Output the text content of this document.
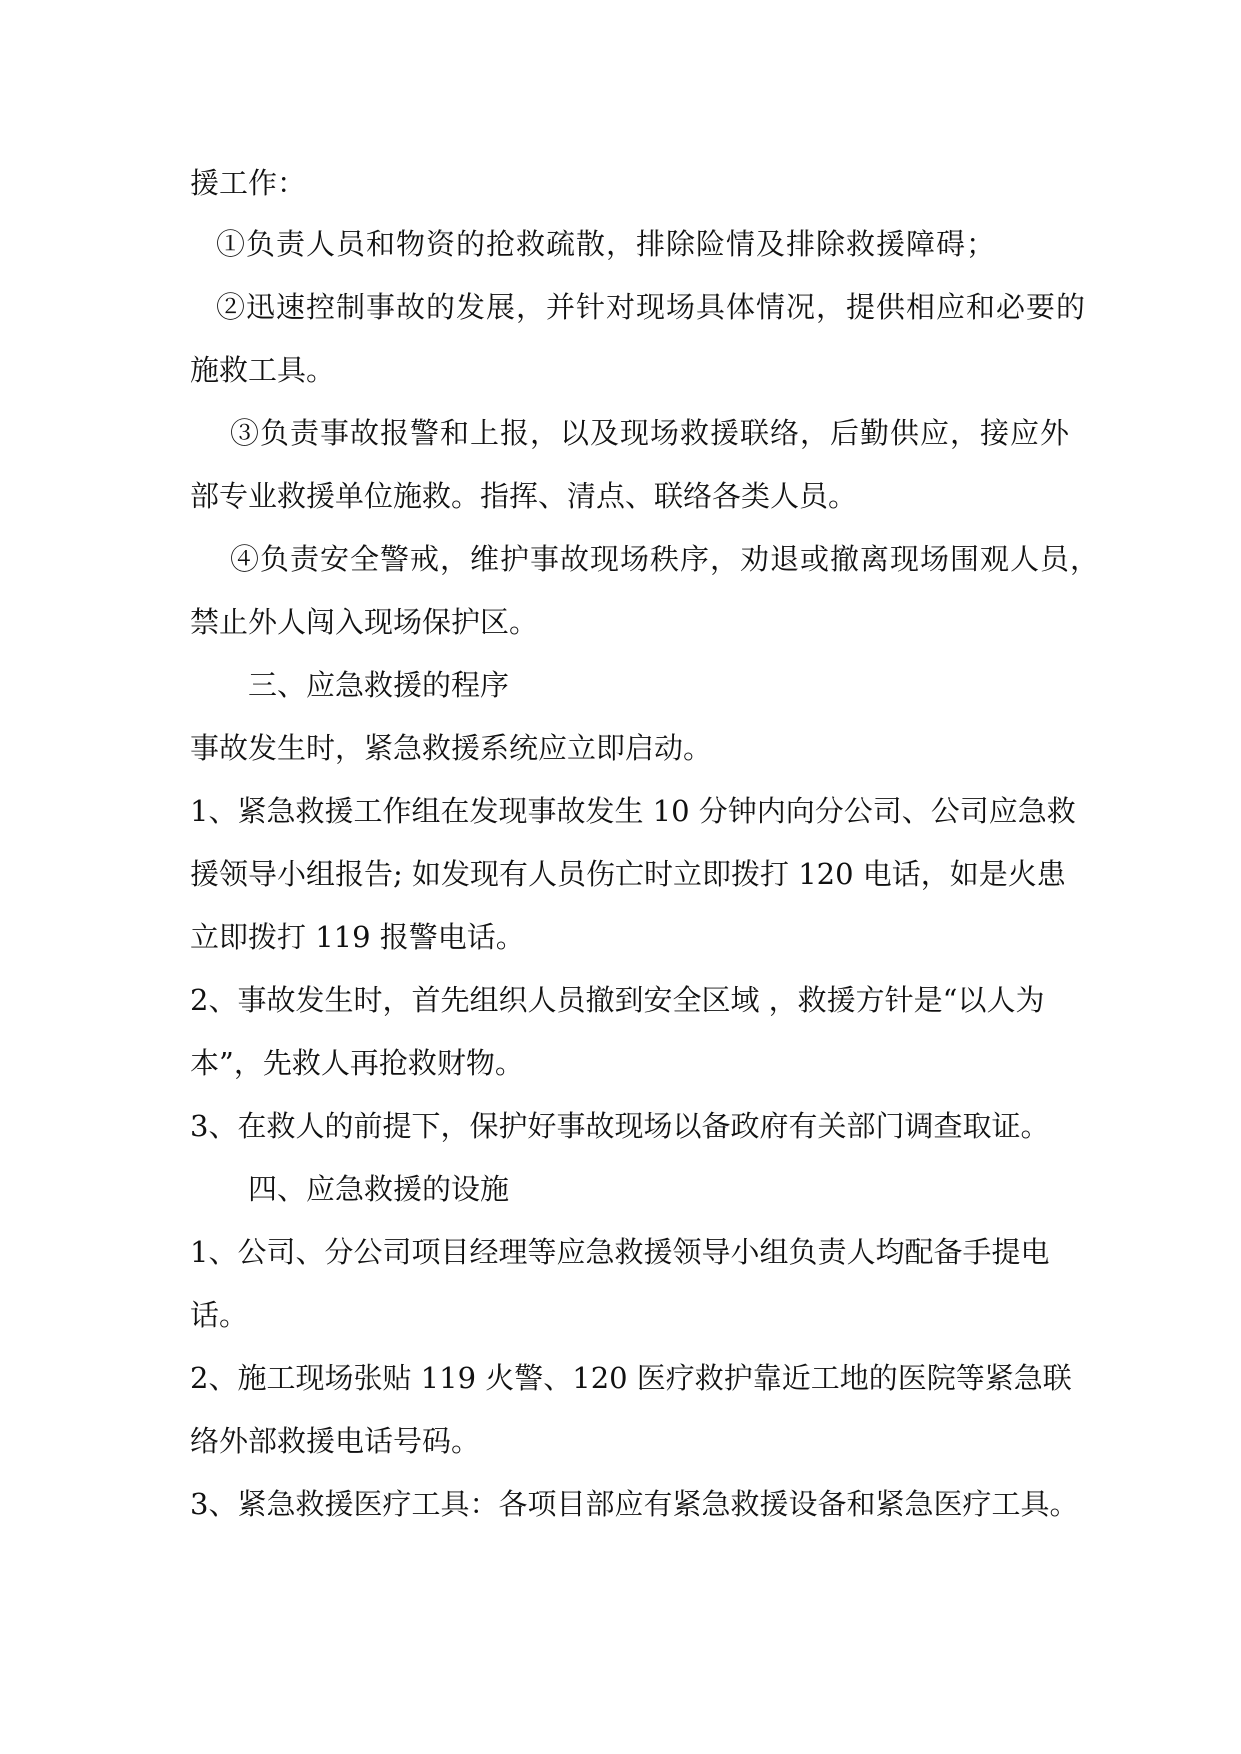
援工作：
①负责人员和物资的抢救疏散，排除险情及排除救援障碍；
②迅速控制事故的发展，并针对现场具体情况，提供相应和必要的
施救工具。
③负责事故报警和上报，以及现场救援联络，后勤供应，接应外
部专业救援单位施救。指挥、清点、联络各类人员。
④负责安全警戒，维护事故现场秩序，劝退或撤离现场围观人员，
禁止外人闯入现场保护区。
三、应急救援的程序
事故发生时，紧急救援系统应立即启动。
1、紧急救援工作组在发现事故发生 10 分钟内向分公司、公司应急救
援领导小组报告; 如发现有人员伤亡时立即拨打 120 电话，如是火患
立即拨打 119 报警电话。
2、事故发生时，首先组织人员撤到安全区域 ，救援方针是“以人为
本”，先救人再抢救财物。
3、在救人的前提下，保护好事故现场以备政府有关部门调查取证。
四、应急救援的设施
1、公司、分公司项目经理等应急救援领导小组负责人均配备手提电
话。
2、施工现场张贴 119 火警、120 医疗救护靠近工地的医院等紧急联
络外部救援电话号码。
3、紧急救援医疗工具：各项目部应有紧急救援设备和紧急医疗工具。
